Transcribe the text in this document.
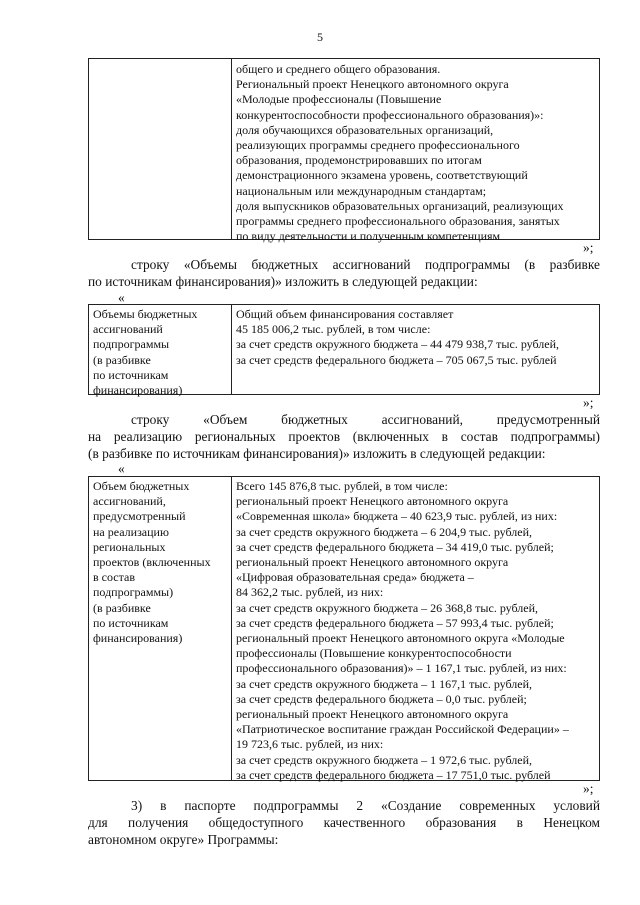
5
общего и среднего общего образования.
Региональный проект Ненецкого автономного округа
«Молодые профессионалы (Повышение
конкурентоспособности профессионального образования)»:
доля обучающихся образовательных организаций,
реализующих программы среднего профессионального
образования, продемонстрировавших по итогам
демонстрационного экзамена уровень, соответствующий
национальным или международным стандартам;
доля выпускников образовательных организаций, реализующих
программы среднего профессионального образования, занятых
по виду деятельности и полученным компетенциям
»;
строку «Объемы бюджетных ассигнований подпрограммы (в разбивке
по источникам финансирования)» изложить в следующей редакции:
«
Объемы бюджетных
ассигнований
подпрограммы
(в разбивке
по источникам
финансирования)
Общий объем финансирования составляет
45 185 006,2 тыс. рублей, в том числе:
за счет средств окружного бюджета – 44 479 938,7 тыс. рублей,
за счет средств федерального бюджета – 705 067,5 тыс. рублей
»;
строку «Объем бюджетных ассигнований, предусмотренный
на реализацию региональных проектов (включенных в состав подпрограммы)
(в разбивке по источникам финансирования)» изложить в следующей редакции:
«
Объем бюджетных
ассигнований,
предусмотренный
на реализацию
региональных
проектов (включенных
в состав
подпрограммы)
(в разбивке
по источникам
финансирования)
Всего 145 876,8 тыс. рублей, в том числе:
региональный проект Ненецкого автономного округа
«Современная школа» бюджета – 40 623,9 тыс. рублей, из них:
за счет средств окружного бюджета – 6 204,9 тыс. рублей,
за счет средств федерального бюджета – 34 419,0 тыс. рублей;
региональный проект Ненецкого автономного округа
«Цифровая образовательная среда» бюджета –
84 362,2 тыс. рублей, из них:
за счет средств окружного бюджета – 26 368,8 тыс. рублей,
за счет средств федерального бюджета – 57 993,4 тыс. рублей;
региональный проект Ненецкого автономного округа «Молодые
профессионалы (Повышение конкурентоспособности
профессионального образования)» – 1 167,1 тыс. рублей, из них:
за счет средств окружного бюджета – 1 167,1 тыс. рублей,
за счет средств федерального бюджета – 0,0 тыс. рублей;
региональный проект Ненецкого автономного округа
«Патриотическое воспитание граждан Российской Федерации» –
19 723,6 тыс. рублей, из них:
за счет средств окружного бюджета – 1 972,6 тыс. рублей,
за счет средств федерального бюджета – 17 751,0 тыс. рублей
»;
3) в паспорте подпрограммы 2 «Создание современных условий
для получения общедоступного качественного образования в Ненецком
автономном округе» Программы:
